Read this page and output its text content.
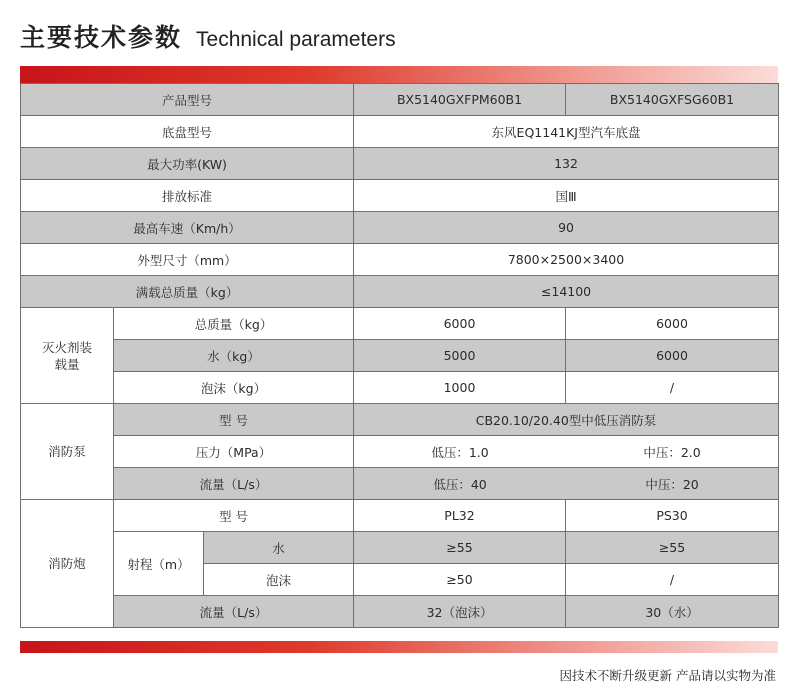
主要技术参数 Technical parameters
产品型号			BX5140GXFPM60B1	BX5140GXFSG60B1
底盘型号			东风EQ1141KJ型汽车底盘	
最大功率(KW)			132	
排放标准			国Ⅲ	
最高车速（Km/h）			90	
外型尺寸（mm）			7800×2500×3400	
满载总质量（kg）			≤14100	
灭火剂装载量	总质量（kg）		6000	6000
	水（kg）		5000	6000
	泡沫（kg）		1000	/
消防泵	型 号		CB20.10/20.40型中低压消防泵	
	压力（MPa）		低压：1.0 中压：2.0	

	流量（L/s）		低压：40 中压：20	

消防炮	型 号		PL32	PS30
	射程（m）	水	≥55	≥55
		泡沫	≥50	/
	流量（L/s）		32（泡沫）	30（水）
因技术不断升级更新 产品请以实物为准
